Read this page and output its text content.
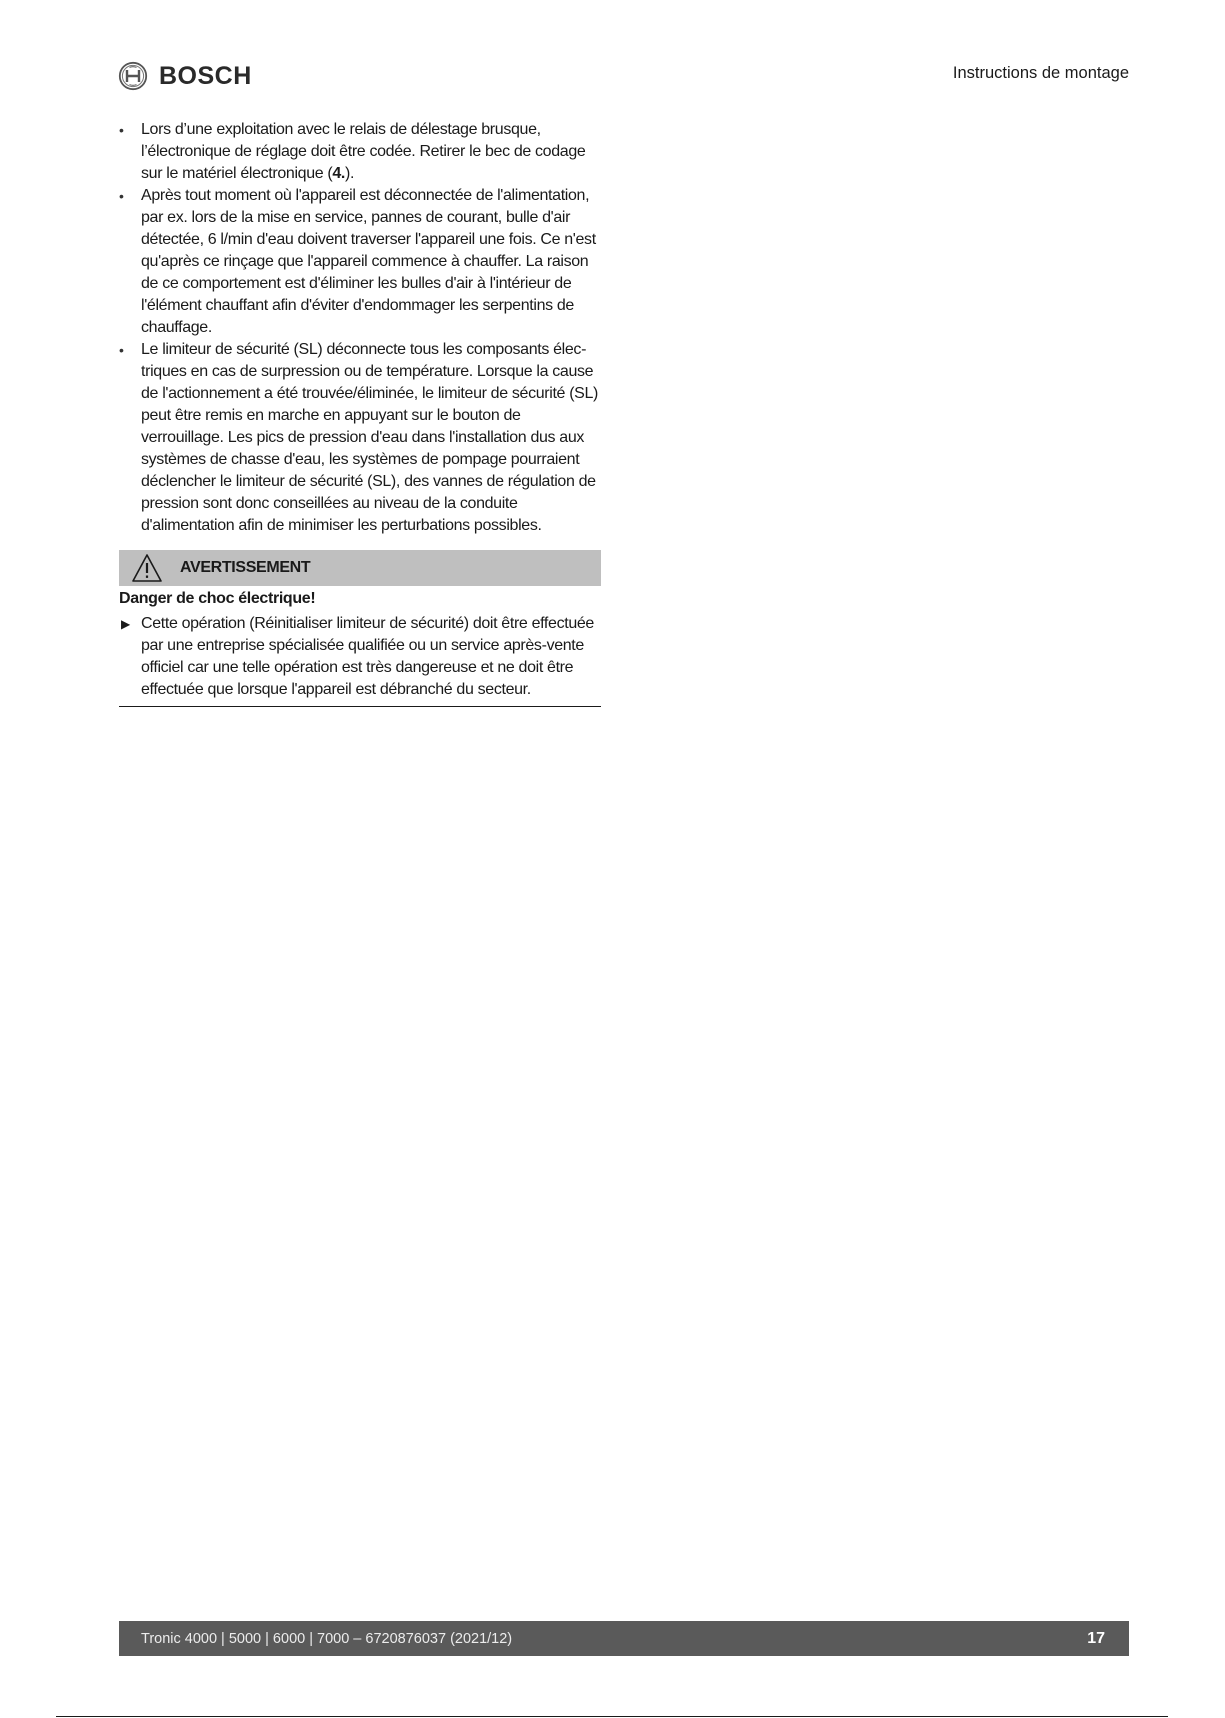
BOSCH	Instructions de montage
• Lors d’une exploitation avec le relais de délestage brusque, l’électronique de réglage doit être codée. Retirer le bec de codage sur le matériel électronique (4.).
• Après tout moment où l'appareil est déconnectée de l'alimentation, par ex. lors de la mise en service, pannes de courant, bulle d'air détectée, 6 l/min d'eau doivent traverser l'appareil une fois. Ce n'est qu'après ce rinçage que l'appareil commence à chauffer. La raison de ce comportement est d'éliminer les bulles d'air à l'intérieur de l'élément chauffant afin d'éviter d'endommager les serpentins de chauffage.
• Le limiteur de sécurité (SL) déconnecte tous les composants électriques en cas de surpression ou de température. Lorsque la cause de l'actionnement a été trouvée/éliminée, le limiteur de sécurité (SL) peut être remis en marche en appuyant sur le bouton de verrouillage. Les pics de pression d'eau dans l'installation dus aux systèmes de chasse d'eau, les systèmes de pompage pourraient déclencher le limiteur de sécurité (SL), des vannes de régulation de pression sont donc conseillées au niveau de la conduite d'alimentation afin de minimiser les perturbations possibles.
AVERTISSEMENT
Danger de choc électrique!
▶ Cette opération (Réinitialiser limiteur de sécurité) doit être effectuée par une entreprise spécialisée qualifiée ou un service après-vente officiel car une telle opération est très dangereuse et ne doit être effectuée que lorsque l'appareil est débranché du secteur.
Tronic 4000 | 5000 | 6000 | 7000 – 6720876037 (2021/12)	17
